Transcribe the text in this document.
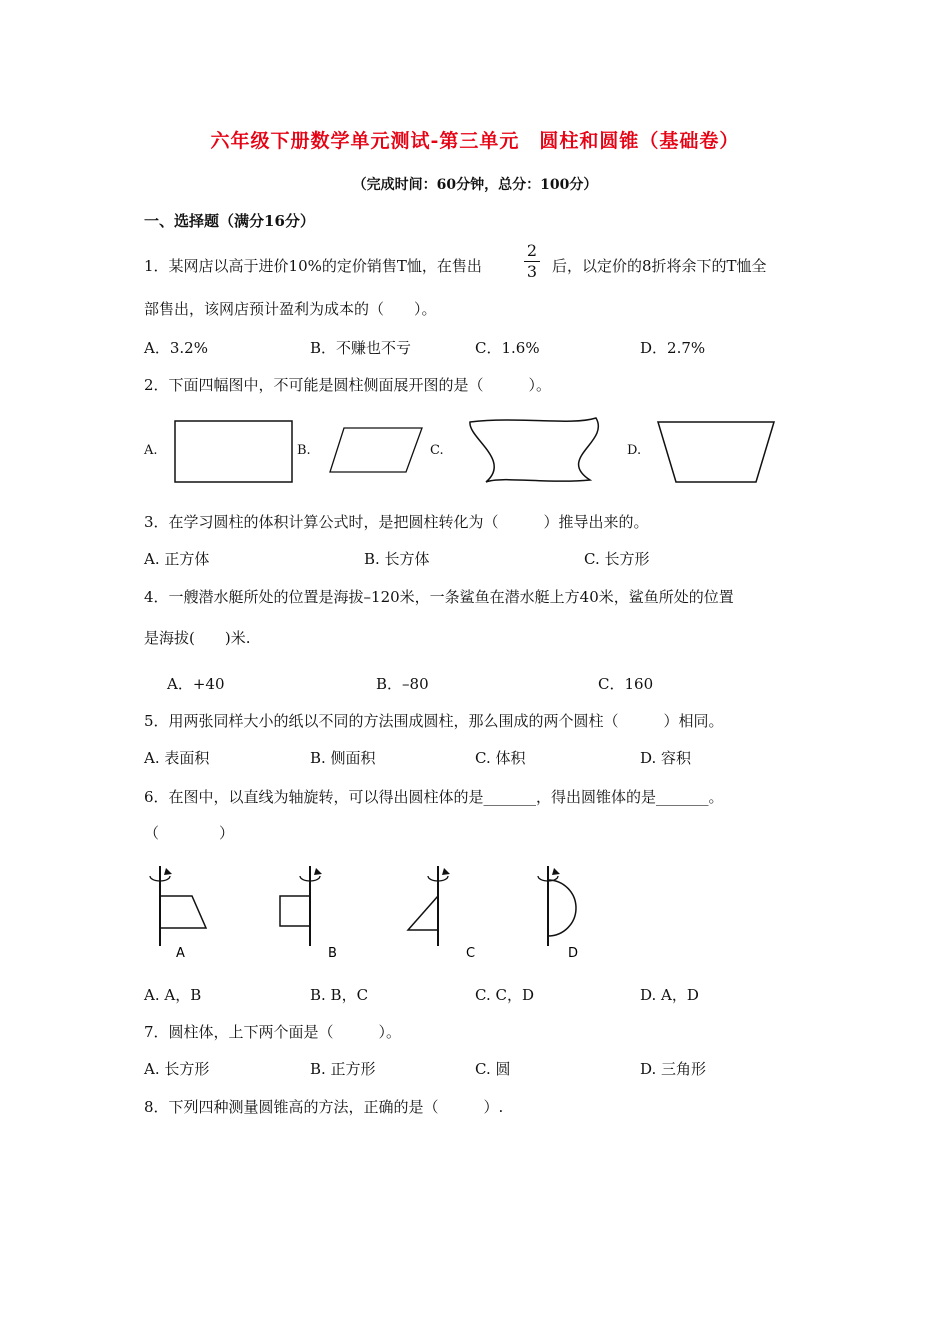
六年级下册数学单元测试-第三单元　圆柱和圆锥（基础卷）
（完成时间：60分钟，总分：100分）
一、选择题（满分16分）
1．某网店以高于进价10%的定价销售T恤，在售出
2
3 后，以定价的8折将余下的T恤全
部售出，该网店预计盈利为成本的（　　）。
A．3.2%	B．不赚也不亏	C．1.6%	D．2.7%
2．下面四幅图中，不可能是圆柱侧面展开图的是（　　　）。
A.	B.	C.	D.
3．在学习圆柱的体积计算公式时，是把圆柱转化为（　　　）推导出来的。
A. 正方体	B. 长方体	C. 长方形
4．一艘潜水艇所处的位置是海拔–120米，一条鲨鱼在潜水艇上方40米，鲨鱼所处的位置
是海拔(　　)米.
A．+40	B．–80	C．160
5．用两张同样大小的纸以不同的方法围成圆柱，那么围成的两个圆柱（　　　）相同。
A. 表面积	B. 侧面积	C. 体积	D. 容积
6．在图中，以直线为轴旋转，可以得出圆柱体的是_______，得出圆锥体的是_______。
（　　　　）
A	B	C	D
A. A，B	B. B，C	C. C，D	D. A，D
7．圆柱体，上下两个面是（　　　）。
A. 长方形	B. 正方形	C. 圆	D. 三角形
8．下列四种测量圆锥高的方法，正确的是（　　　）.
